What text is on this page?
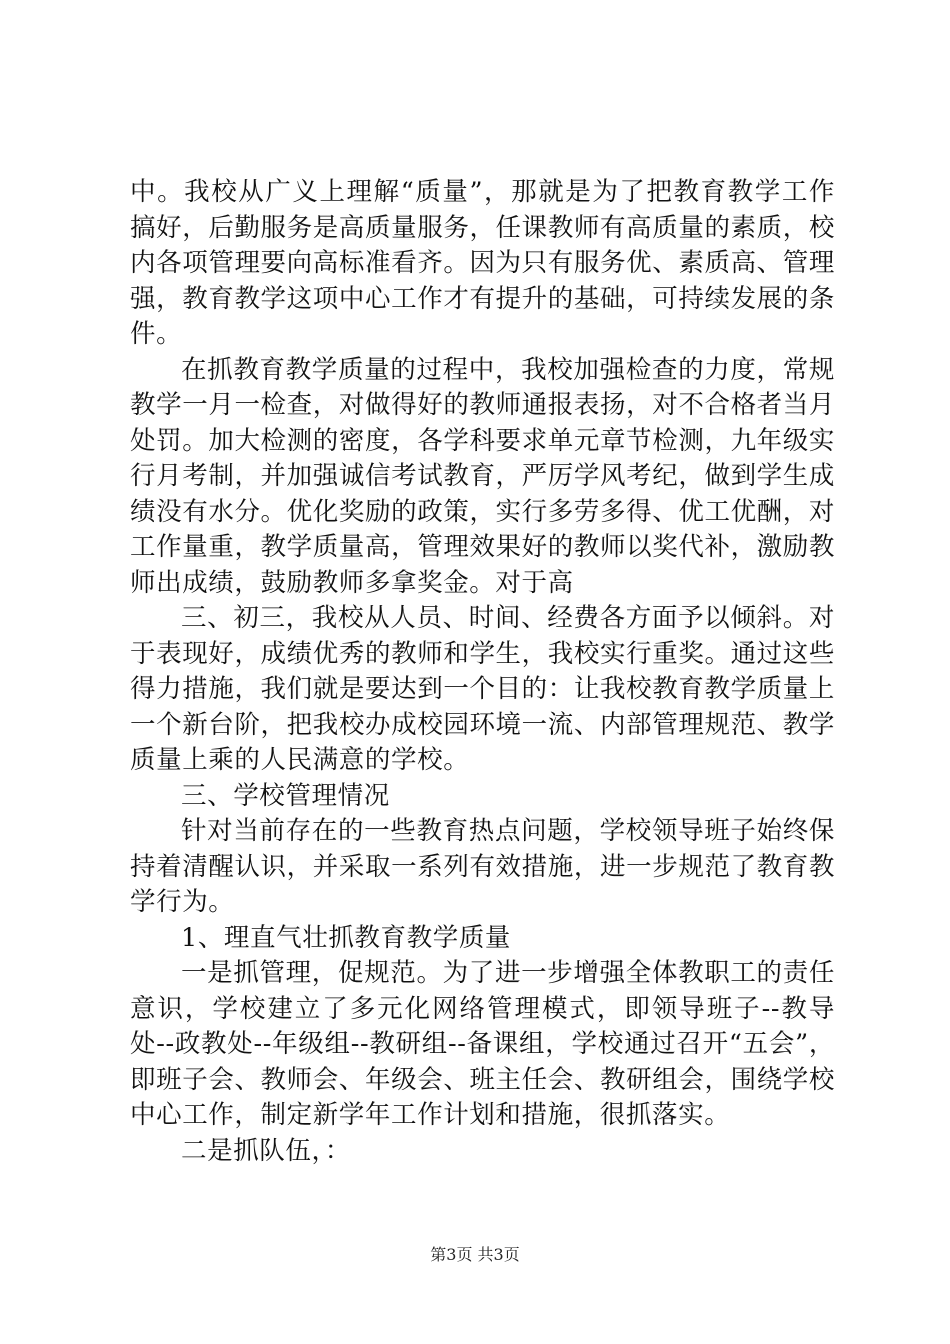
中。我校从广义上理解“质量”，那就是为了把教育教学工作搞好，后勤服务是高质量服务，任课教师有高质量的素质，校内各项管理要向高标准看齐。因为只有服务优、素质高、管理强，教育教学这项中心工作才有提升的基础，可持续发展的条件。

在抓教育教学质量的过程中，我校加强检查的力度，常规教学一月一检查，对做得好的教师通报表扬，对不合格者当月处罚。加大检测的密度，各学科要求单元章节检测，九年级实行月考制，并加强诚信考试教育，严厉学风考纪，做到学生成绩没有水分。优化奖励的政策，实行多劳多得、优工优酬，对工作量重，教学质量高，管理效果好的教师以奖代补，激励教师出成绩，鼓励教师多拿奖金。对于高

三、初三，我校从人员、时间、经费各方面予以倾斜。对于表现好，成绩优秀的教师和学生，我校实行重奖。通过这些得力措施，我们就是要达到一个目的：让我校教育教学质量上一个新台阶，把我校办成校园环境一流、内部管理规范、教学质量上乘的人民满意的学校。

三、学校管理情况

针对当前存在的一些教育热点问题，学校领导班子始终保持着清醒认识，并采取一系列有效措施，进一步规范了教育教学行为。

1、理直气壮抓教育教学质量

一是抓管理，促规范。为了进一步增强全体教职工的责任意识，学校建立了多元化网络管理模式，即领导班子--教导处--政教处--年级组--教研组--备课组，学校通过召开“五会”，即班子会、教师会、年级会、班主任会、教研组会，围绕学校中心工作，制定新学年工作计划和措施，很抓落实。

二是抓队伍，：

第3页 共3页
